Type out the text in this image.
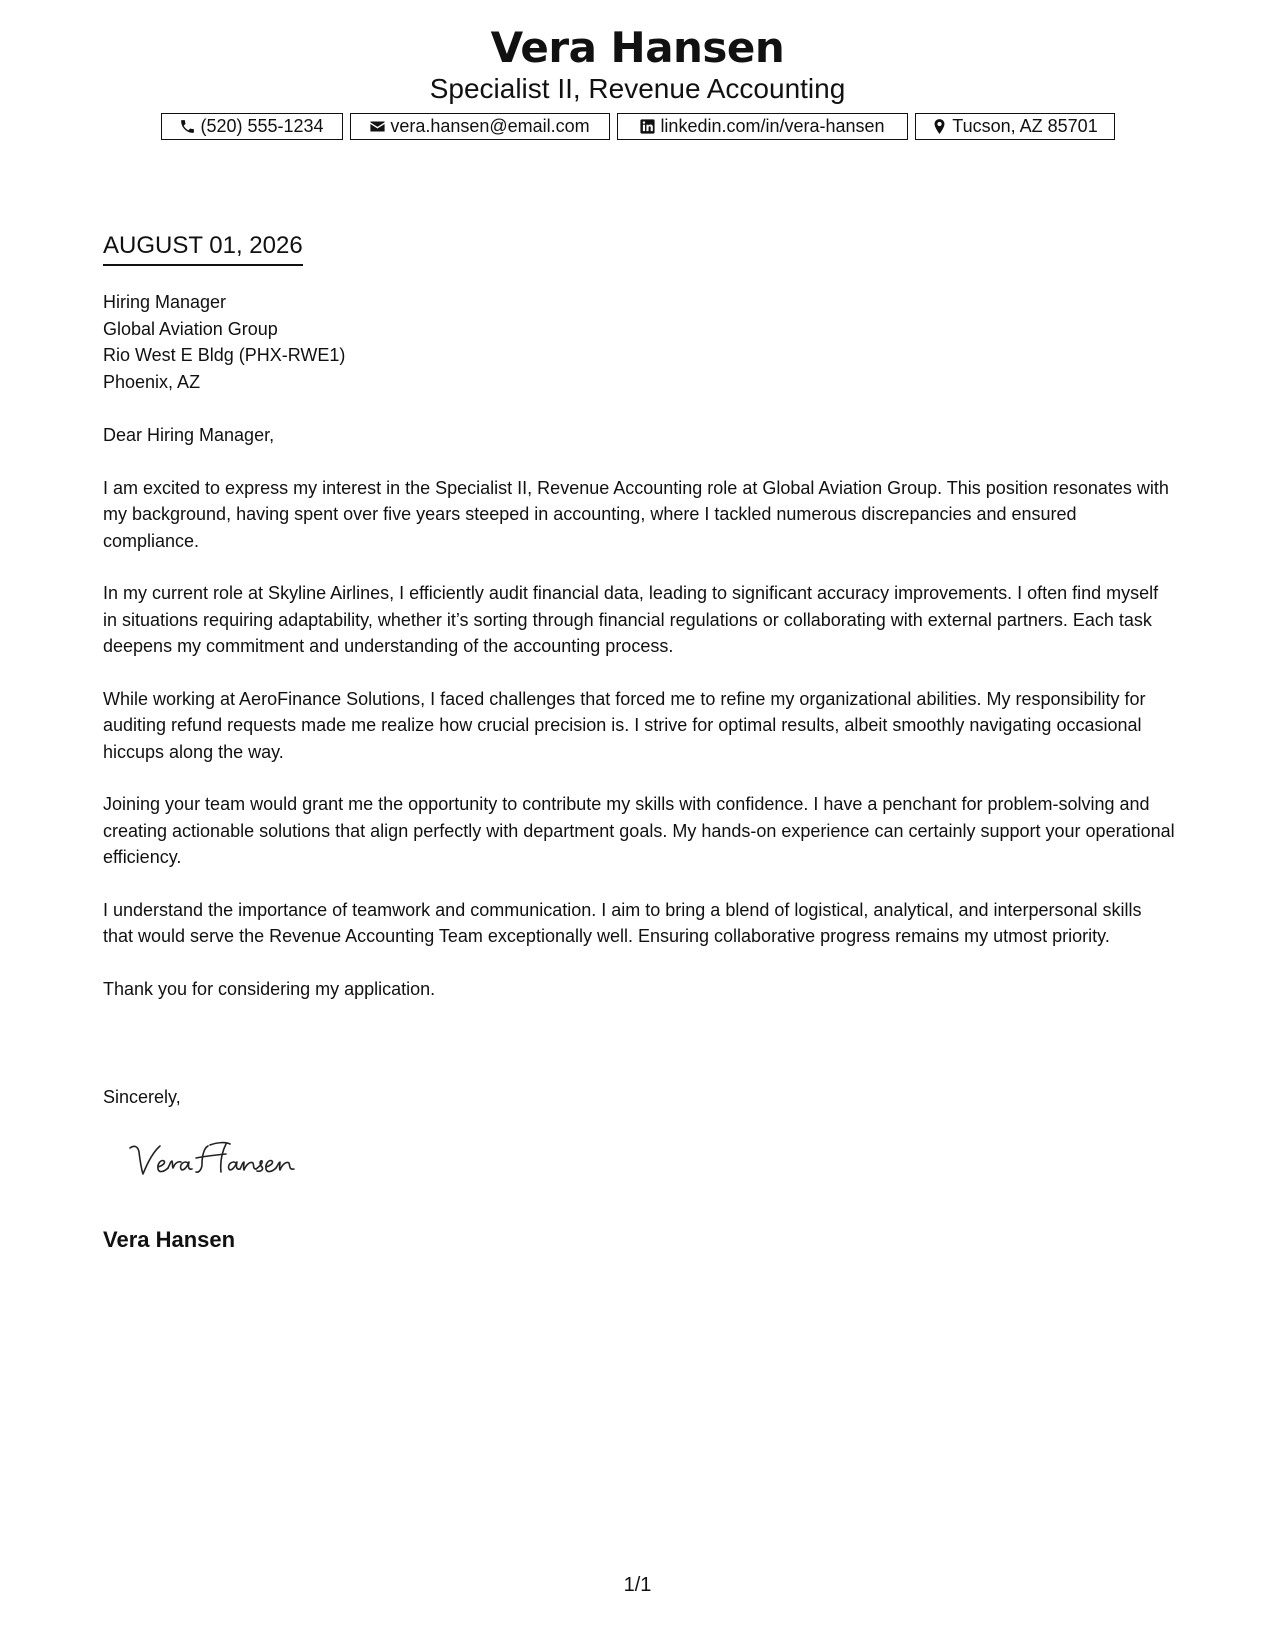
Vera Hansen
Specialist II, Revenue Accounting
(520) 555-1234	vera.hansen@email.com	linkedin.com/in/vera-hansen	Tucson, AZ 85701
AUGUST 01, 2026
Hiring Manager
Global Aviation Group
Rio West E Bldg (PHX-RWE1)
Phoenix, AZ

Dear Hiring Manager,

I am excited to express my interest in the Specialist II, Revenue Accounting role at Global Aviation Group. This position resonates with my background, having spent over five years steeped in accounting, where I tackled numerous discrepancies and ensured compliance.

In my current role at Skyline Airlines, I efficiently audit financial data, leading to significant accuracy improvements. I often find myself in situations requiring adaptability, whether it’s sorting through financial regulations or collaborating with external partners. Each task deepens my commitment and understanding of the accounting process.

While working at AeroFinance Solutions, I faced challenges that forced me to refine my organizational abilities. My responsibility for auditing refund requests made me realize how crucial precision is. I strive for optimal results, albeit smoothly navigating occasional hiccups along the way.

Joining your team would grant me the opportunity to contribute my skills with confidence. I have a penchant for problem-solving and creating actionable solutions that align perfectly with department goals. My hands-on experience can certainly support your operational efficiency.

I understand the importance of teamwork and communication. I aim to bring a blend of logistical, analytical, and interpersonal skills that would serve the Revenue Accounting Team exceptionally well. Ensuring collaborative progress remains my utmost priority.

Thank you for considering my application.

Sincerely,
Vera Hansen
1/1
